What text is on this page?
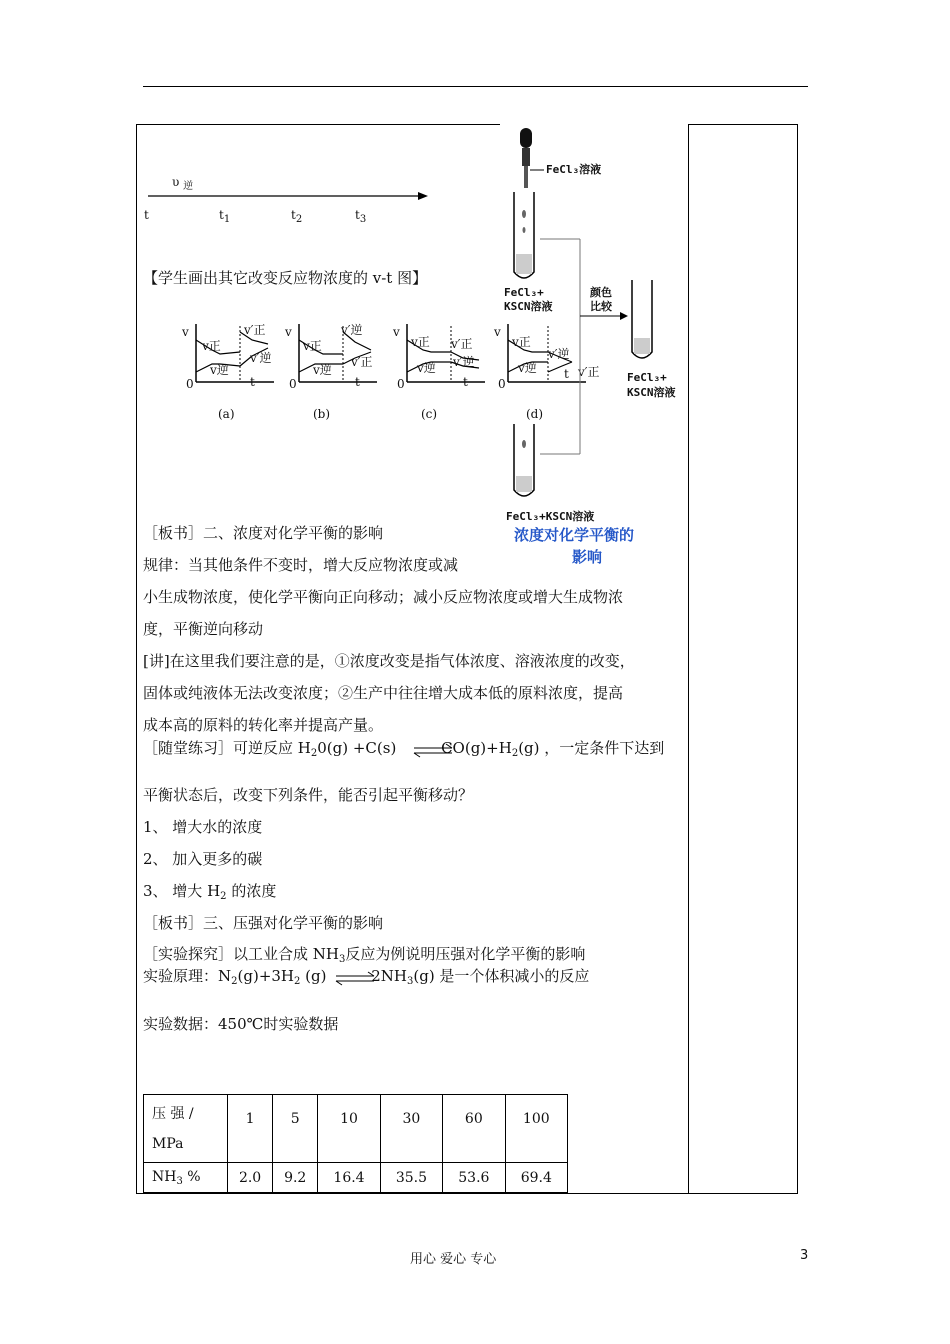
υ $_逆$
t	$t_1$	$t_2$	$t_3$
【学生画出其它改变反应物浓度的 v-t 图】
v
0	t
v′正
v正
v′逆
v逆
(a)
v
0	t
v′逆
v正
v′正
v逆
(b)
v
0	t
v正 v′正
v′逆
v逆
(c)
v
0
t
v正
v′逆
v′正
v逆
(d)
FeCl₃溶液
FeCl₃+ KSCN溶液
颜色比较
FeCl₃+
KSCN溶液
FeCl₃+KSCN溶液
浓度对化学平衡的
影响
［板书］二、浓度对化学平衡的影响
规律：当其他条件不变时，增大反应物浓度或减
小生成物浓度，使化学平衡向正向移动；减小反应物浓度或增大生成物浓
度，平衡逆向移动
[讲]在这里我们要注意的是，①浓度改变是指气体浓度、溶液浓度的改变，
固体或纯液体无法改变浓度；②生产中往往增大成本低的原料浓度，提高
成本高的原料的转化率并提高产量。
［随堂练习］可逆反应 $H_20(g) +C(s)$	$CO(g)+H_2(g)$ ，一定条件下达到
平衡状态后，改变下列条件，能否引起平衡移动？
1、 增大水的浓度
2、 加入更多的碳
3、 增大 $H_2$ 的浓度
［板书］三、压强对化学平衡的影响
［实验探究］以工业合成 $NH_3$反应为例说明压强对化学平衡的影响
实验原理：$N_2(g)+3H_2$ (g)	$2NH_3(g)$ 是一个体积减小的反应
实验数据：450℃时实验数据
压 强 /
MPa	1	5	10	30	60	100
$NH_3$ %	2.0	9.2	16.4	35.5	53.6	69.4
用心 爱心 专心	3
